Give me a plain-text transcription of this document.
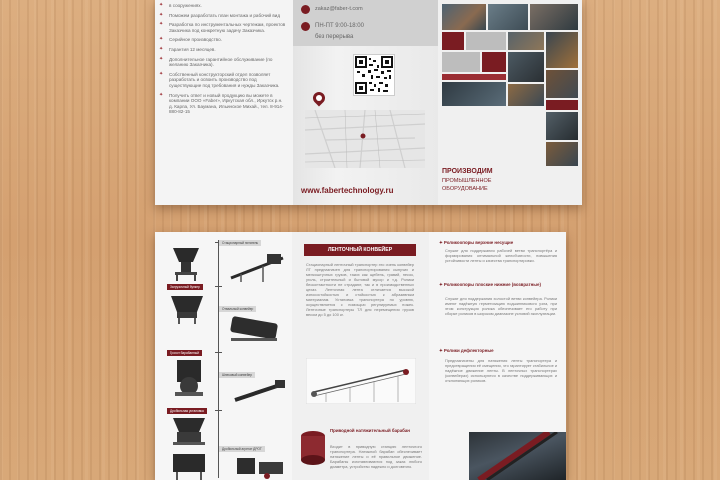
✦ в сооружениях.
✦ Поможем разработать план монтажа и рабочий вид
✦ Разработка по инструментальных чертежам, проектов Заказчика под конкретную задачу Заказчика.
✦ Серийное производство.
✦ Гарантия 12 месяцев.
✦ Дополнительное гарантийное обслуживание (по желанию Заказчика).
✦ Собственный конструкторский отдел позволяет разработать и освоить производство под существующие под требования и нужды Заказчика.
✦ Получить ответ и новый продукцию вы можете в компании ООО «Faber», Иркутская обл., Иркутск р.н. д. Карла, Ул. Баумана, Ильинское Михай., тел. 8-914-880-82-15
zakaz@faber-t.com
ПН-ПТ 9:00-18:00
без перерыва
www.fabertechnology.ru
ПРОИЗВОДИМ
ПРОМЫШЛЕННОЕ
ОБОРУДОВАНИЕ
Стационарный питатель
Загрузочный бункер
Отвальный конвейер
Грохот барабанный
Шнековый конвейер
Дробильная установка
Дробильный агрегат ДРОТ
ЛЕНТОЧНЫЙ КОНВЕЙЕР
Стационарный ленточный транспортер это очень конвейер ЛТ предназначен для транспортирования сыпучих и мелкоштучных грузов, таких как щебень, гравий, песок, уголь, строительный и бытовой мусор и т.д. Ролики бесконтактности не страдают, так и в производственных цехах. Ленточная лента отличается высокой износостойкостью и стойкостью к абразивным материалам. Установка транспортера по уровню, осуществляется с помощью регулируемых ножек. Ленточные транспортеры ТЛ для перемещения грузов весом до 5 до 100 кг.
Приводной натяжительный барабан
Входит в приводную станцию ленточного транспортера. Натяжной барабан обеспечивает натяжение ленты и её правильное движение. Барабаны изготавливаются под заказ любого диаметра, устройство надежно и долговечно.
✦ Роликоопоры верхние несущие
Служат для поддержания рабочей ветви транспортёра и формирования оптимальной желобчатости, повышения устойчивости ленты и качества транспортировки.
✦ Роликоопоры плоские нижние (возвратные)
Служат для поддержания холостой ветви конвейера. Ролики имеют надёжную герметизацию подшипникового узла, при этом конструкция ролика обеспечивает его работу при сборке роликов в широком диапазоне условий эксплуатации.
✦ Ролики дефлекторные
Предназначены для натяжения ленты транспортера и предотвращения её смещения, что гарантирует стабильное и надёжное движение ленты. В ленточных транспортерах (конвейерах) используются в качестве поддерживающих и отклоняющих роликов.
